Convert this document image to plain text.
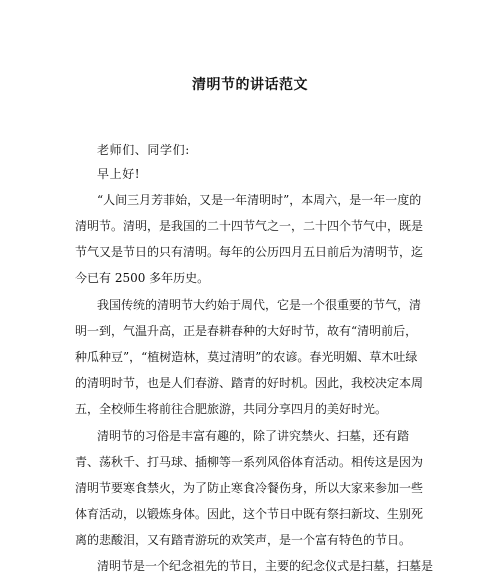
清明节的讲话范文
老师们、同学们:
早上好!
“人间三月芳菲始，又是一年清明时”，本周六，是一年一度的
清明节。清明，是我国的二十四节气之一，二十四个节气中，既是
节气又是节日的只有清明。每年的公历四月五日前后为清明节，迄
今已有 2500 多年历史。
我国传统的清明节大约始于周代，它是一个很重要的节气，清
明一到，气温升高，正是春耕春种的大好时节，故有“清明前后，
种瓜种豆”，“植树造林，莫过清明”的农谚。春光明媚、草木吐绿
的清明时节，也是人们春游、踏青的好时机。因此，我校决定本周
五，全校师生将前往合肥旅游，共同分享四月的美好时光。
清明节的习俗是丰富有趣的，除了讲究禁火、扫墓，还有踏
青、荡秋千、打马球、插柳等一系列风俗体育活动。相传这是因为
清明节要寒食禁火，为了防止寒食冷餐伤身，所以大家来参加一些
体育活动，以锻炼身体。因此，这个节日中既有祭扫新坟、生别死
离的悲酸泪，又有踏青游玩的欢笑声，是一个富有特色的节日。
清明节是一个纪念祖先的节日，主要的纪念仪式是扫墓，扫墓是
